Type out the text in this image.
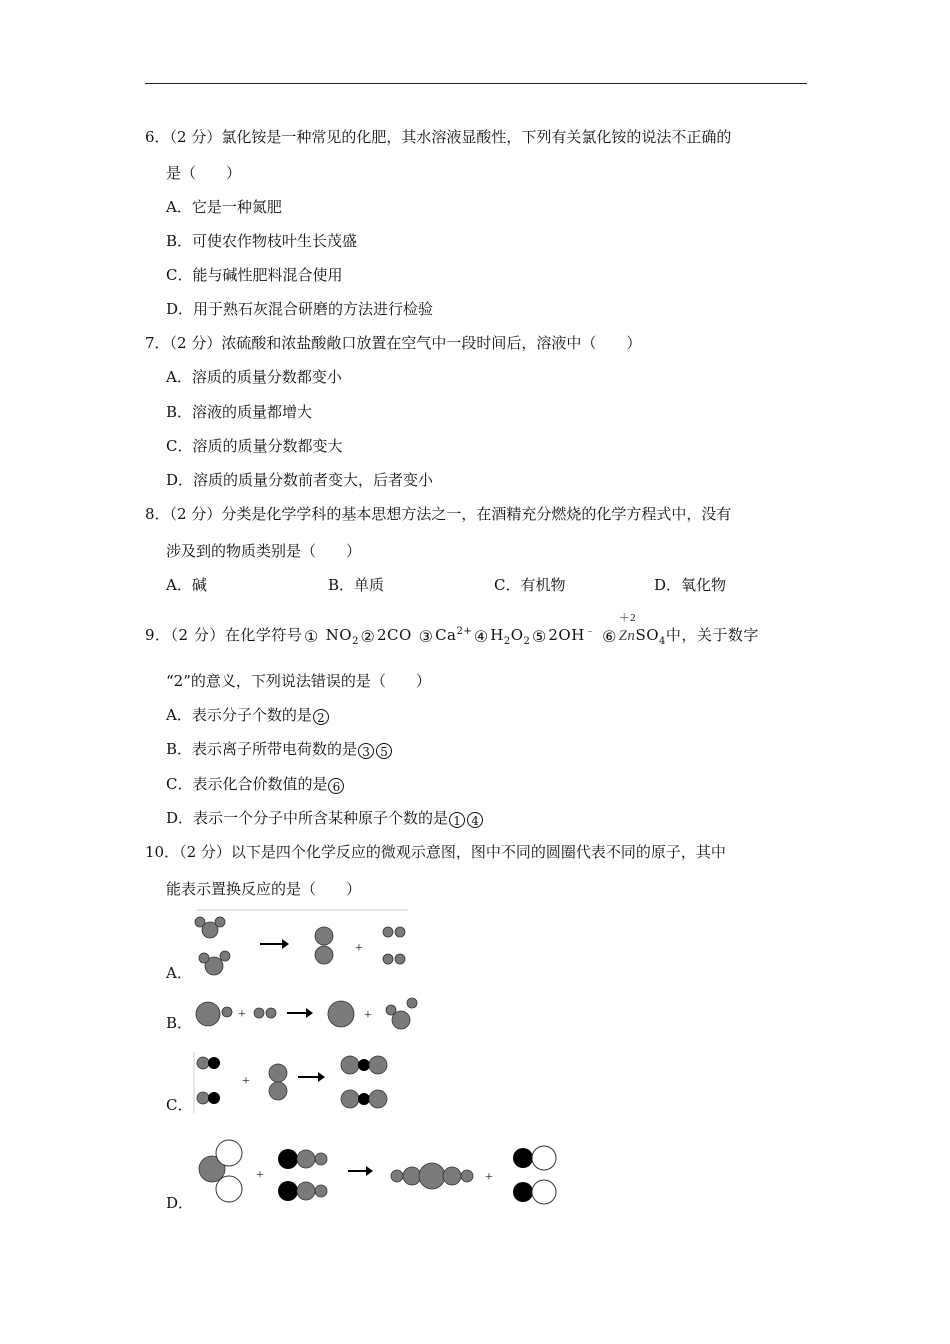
6．（2 分）氯化铵是一种常见的化肥，其水溶液显酸性，下列有关氯化铵的说法不正确的
是（　　）
A．它是一种氮肥
B．可使农作物枝叶生长茂盛
C．能与碱性肥料混合使用
D．用于熟石灰混合研磨的方法进行检验
7．（2 分）浓硫酸和浓盐酸敞口放置在空气中一段时间后，溶液中（　　）
A．溶质的质量分数都变小
B．溶液的质量都增大
C．溶质的质量分数都变大
D．溶质的质量分数前者变大，后者变小
8．（2 分）分类是化学学科的基本思想方法之一，在酒精充分燃烧的化学方程式中，没有
涉及到的物质类别是（　　）
A．碱	B．单质	C．有机物	D．氧化物
9．（2 分）在化学符号① $NO_2②$ 2CO ③ $Ca^{2+}④$ $H_2O_2⑤$ 2OH﹣ ⑥
＋2
ZnSO$_4$中，关于数字
“2”的意义，下列说法错误的是（　　）
A．表示分子个数的是 2
B．表示离子所带电荷数的是 3 5
C．表示化合价数值的是 6
D．表示一个分子中所含某种原子个数的是 1 4
10．（2 分）以下是四个化学反应的微观示意图，图中不同的圆圈代表不同的原子，其中
能表示置换反应的是（　　）
A．
B．
C．
D．
+
+	+
+
+	+
